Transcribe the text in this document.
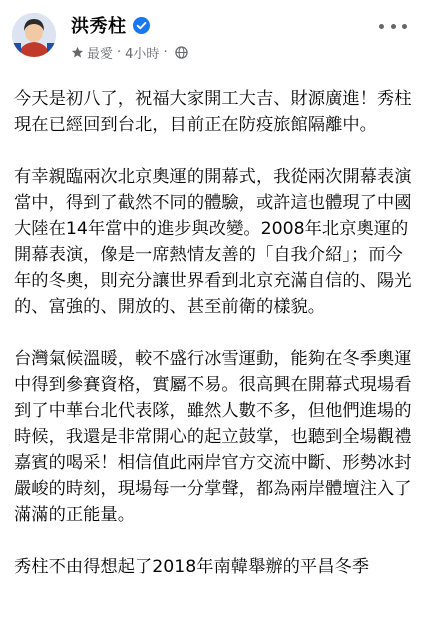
洪秀柱
最愛 · 4小時 ·

今天是初八了，祝福大家開工大吉、財源廣進！秀柱現在已經回到台北，目前正在防疫旅館隔離中。

有幸親臨兩次北京奧運的開幕式，我從兩次開幕表演當中，得到了截然不同的體驗，或許這也體現了中國大陸在14年當中的進步與改變。2008年北京奧運的開幕表演，像是一席熱情友善的「自我介紹」；而今年的冬奧，則充分讓世界看到北京充滿自信的、陽光的、富強的、開放的、甚至前衛的樣貌。

台灣氣候溫暖，較不盛行冰雪運動，能夠在冬季奧運中得到參賽資格，實屬不易。很高興在開幕式現場看到了中華台北代表隊，雖然人數不多，但他們進場的時候，我還是非常開心的起立鼓掌，也聽到全場觀禮嘉賓的喝采！相信值此兩岸官方交流中斷、形勢冰封嚴峻的時刻，現場每一分掌聲，都為兩岸體壇注入了滿滿的正能量。

秀柱不由得想起了2018年南韓舉辦的平昌冬季
